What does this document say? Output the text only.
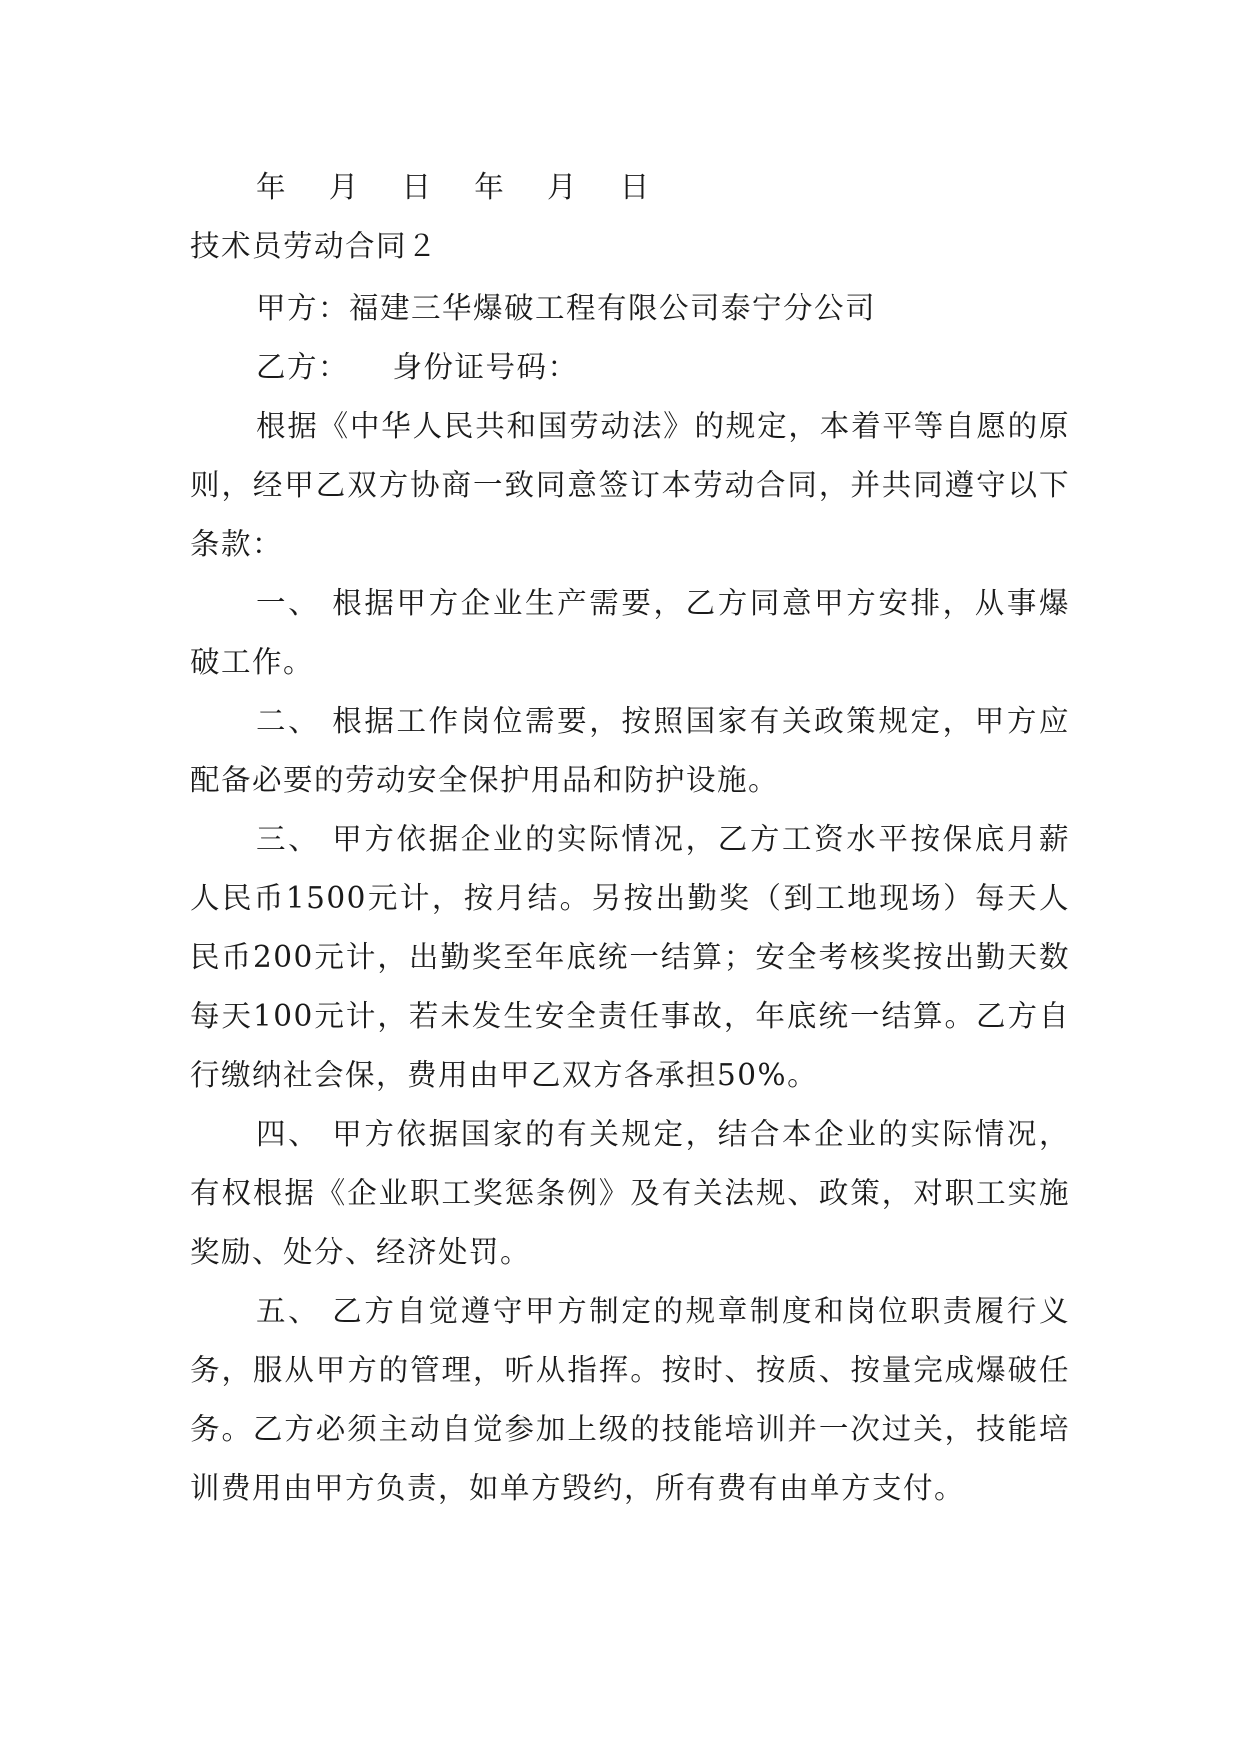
年  月  日  年  月  日
技术员劳动合同２
甲方：福建三华爆破工程有限公司泰宁分公司
乙方：    身份证号码：

根据《中华人民共和国劳动法》的规定，本着平等自愿的原则，经甲乙双方协商一致同意签订本劳动合同，并共同遵守以下条款：

一、 根据甲方企业生产需要，乙方同意甲方安排，从事爆破工作。

二、 根据工作岗位需要，按照国家有关政策规定，甲方应配备必要的劳动安全保护用品和防护设施。

三、 甲方依据企业的实际情况，乙方工资水平按保底月薪人民币1500元计，按月结。另按出勤奖（到工地现场）每天人民币200元计，出勤奖至年底统一结算；安全考核奖按出勤天数每天100元计，若未发生安全责任事故，年底统一结算。乙方自行缴纳社会保，费用由甲乙双方各承担50%。

四、 甲方依据国家的有关规定，结合本企业的实际情况，有权根据《企业职工奖惩条例》及有关法规、政策，对职工实施奖励、处分、经济处罚。

五、 乙方自觉遵守甲方制定的规章制度和岗位职责履行义务，服从甲方的管理，听从指挥。按时、按质、按量完成爆破任务。乙方必须主动自觉参加上级的技能培训并一次过关，技能培训费用由甲方负责，如单方毁约，所有费有由单方支付。
